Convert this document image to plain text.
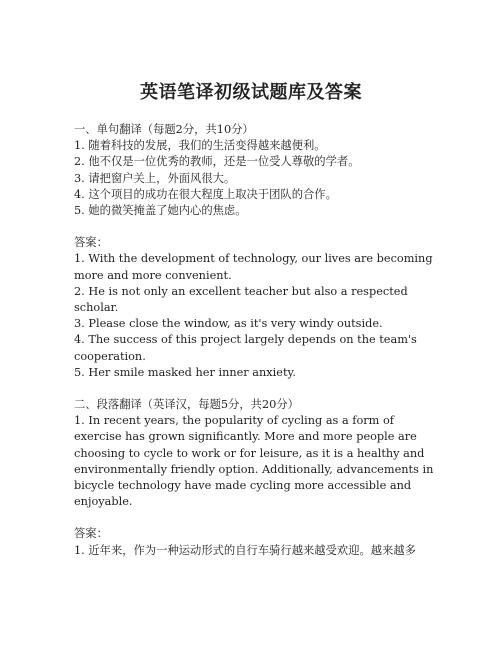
英语笔译初级试题库及答案

一、单句翻译（每题2分，共10分）

1. 随着科技的发展，我们的生活变得越来越便利。

2. 他不仅是一位优秀的教师，还是一位受人尊敬的学者。

3. 请把窗户关上，外面风很大。

4. 这个项目的成功在很大程度上取决于团队的合作。

5. 她的微笑掩盖了她内心的焦虑。

答案：

1. With the development of technology, our lives are becoming more and more convenient.

2. He is not only an excellent teacher but also a respected scholar.

3. Please close the window, as it's very windy outside.

4. The success of this project largely depends on the team's cooperation.

5. Her smile masked her inner anxiety.

二、段落翻译（英译汉，每题5分，共20分）

1. In recent years, the popularity of cycling as a form of exercise has grown significantly. More and more people are choosing to cycle to work or for leisure, as it is a healthy and environmentally friendly option. Additionally, advancements in bicycle technology have made cycling more accessible and enjoyable.

答案：

1. 近年来，作为一种运动形式的自行车骑行越来越受欢迎。越来越多
